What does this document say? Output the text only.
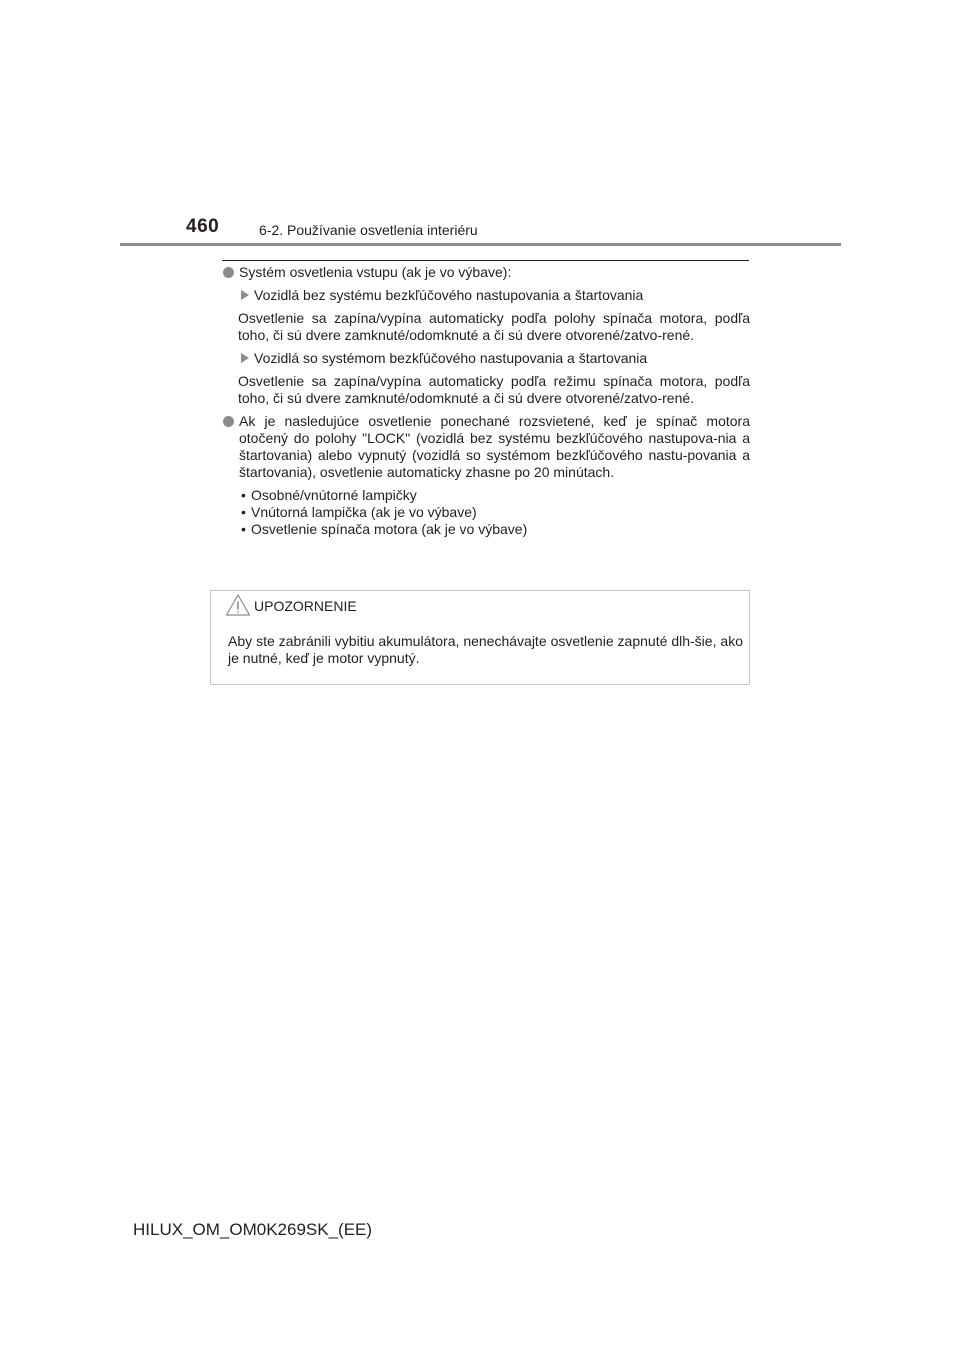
460	6-2. Používanie osvetlenia interiéru
Systém osvetlenia vstupu (ak je vo výbave):
Vozidlá bez systému bezkľúčového nastupovania a štartovania
Osvetlenie sa zapína/vypína automaticky podľa polohy spínača motora, podľa toho, či sú dvere zamknuté/odomknuté a či sú dvere otvorené/zatvo-rené.
Vozidlá so systémom bezkľúčového nastupovania a štartovania
Osvetlenie sa zapína/vypína automaticky podľa režimu spínača motora, podľa toho, či sú dvere zamknuté/odomknuté a či sú dvere otvorené/zatvo-rené.
Ak je nasledujúce osvetlenie ponechané rozsvietené, keď je spínač motora otočený do polohy "LOCK" (vozidlá bez systému bezkľúčového nastupova-nia a štartovania) alebo vypnutý (vozidlá so systémom bezkľúčového nastu-povania a štartovania), osvetlenie automaticky zhasne po 20 minútach.
• Osobné/vnútorné lampičky
• Vnútorná lampička (ak je vo výbave)
• Osvetlenie spínača motora (ak je vo výbave)
UPOZORNENIE
Aby ste zabránili vybitiu akumulátora, nenechávajte osvetlenie zapnuté dlh-šie, ako je nutné, keď je motor vypnutý.
HILUX_OM_OM0K269SK_(EE)
